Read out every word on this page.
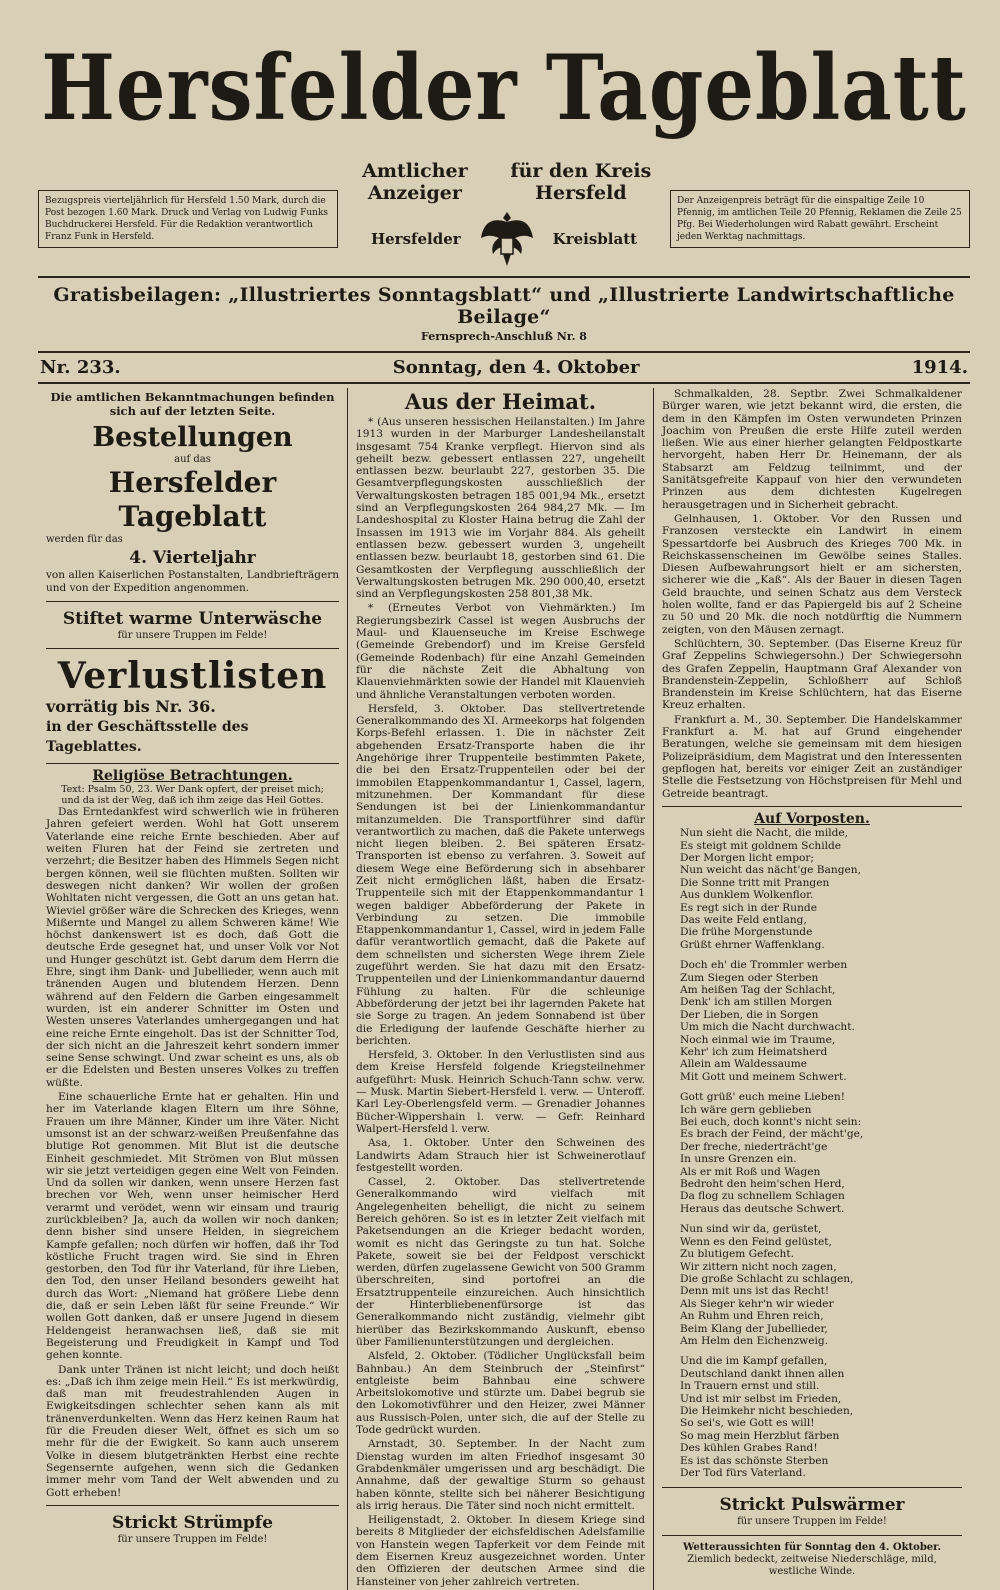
Hersfelder Tageblatt
Bezugspreis vierteljährlich für Hersfeld 1.50 Mark, durch die Post bezogen 1.60 Mark. Druck und Verlag von Ludwig Funks Buchdruckerei Hersfeld. Für die Redaktion verantwortlich Franz Funk in Hersfeld.
Amtlicher Anzeiger
für den Kreis Hersfeld
Hersfelder	Kreisblatt
Der Anzeigenpreis beträgt für die einspaltige Zeile 10 Pfennig, im amtlichen Teile 20 Pfennig, Reklamen die Zeile 25 Pfg. Bei Wiederholungen wird Rabatt gewährt. Erscheint jeden Werktag nachmittags.
Gratisbeilagen: „Illustriertes Sonntagsblatt“ und „Illustrierte Landwirtschaftliche Beilage“
Fernsprech-Anschluß Nr. 8
Nr. 233.	Sonntag, den 4. Oktober	1914.
Die amtlichen Bekanntmachungen befinden sich auf der letzten Seite.
Bestellungen
auf das
Hersfelder Tageblatt
werden für das
4. Vierteljahr
von allen Kaiserlichen Postanstalten, Landbriefträgern und von der Expedition angenommen.
Stiftet warme Unterwäsche
für unsere Truppen im Felde!
Verlustlisten
vorrätig bis Nr. 36.
in der Geschäftsstelle des Tageblattes.
Religiöse Betrachtungen.
Text: Psalm 50, 23. Wer Dank opfert, der preiset mich; und da ist der Weg, daß ich ihm zeige das Heil Gottes.

Das Erntedankfest wird schwerlich wie in früheren Jahren gefeiert werden. Wohl hat Gott unserem Vaterlande eine reiche Ernte beschieden. Aber auf weiten Fluren hat der Feind sie zertreten und verzehrt; die Besitzer haben des Himmels Segen nicht bergen können, weil sie flüchten mußten. Sollten wir deswegen nicht danken? Wir wollen der großen Wohltaten nicht vergessen, die Gott an uns getan hat. Wieviel größer wäre die Schrecken des Krieges, wenn Mißernte und Mangel zu allem Schweren käme! Wie höchst dankenswert ist es doch, daß Gott die deutsche Erde gesegnet hat, und unser Volk vor Not und Hunger geschützt ist. Gebt darum dem Herrn die Ehre, singt ihm Dank- und Jubellieder, wenn auch mit tränenden Augen und blutendem Herzen. Denn während auf den Feldern die Garben eingesammelt wurden, ist ein anderer Schnitter im Osten und Westen unseres Vaterlandes umhergegangen und hat eine reiche Ernte eingeholt. Das ist der Schnitter Tod, der sich nicht an die Jahreszeit kehrt sondern immer seine Sense schwingt. Und zwar scheint es uns, als ob er die Edelsten und Besten unseres Volkes zu treffen wüßte.

Eine schauerliche Ernte hat er gehalten. Hin und her im Vaterlande klagen Eltern um ihre Söhne, Frauen um ihre Männer, Kinder um ihre Väter. Nicht umsonst ist an der schwarz-weißen Preußenfahne das blutige Rot genommen. Mit Blut ist die deutsche Einheit geschmiedet. Mit Strömen von Blut müssen wir sie jetzt verteidigen gegen eine Welt von Feinden. Und da sollen wir danken, wenn unsere Herzen fast brechen vor Weh, wenn unser heimischer Herd verarmt und verödet, wenn wir einsam und traurig zurückbleiben? Ja, auch da wollen wir noch danken; denn bisher sind unsere Helden, in siegreichem Kampfe gefallen; noch dürfen wir hoffen, daß ihr Tod köstliche Frucht tragen wird. Sie sind in Ehren gestorben, den Tod für ihr Vaterland, für ihre Lieben, den Tod, den unser Heiland besonders geweiht hat durch das Wort: „Niemand hat größere Liebe denn die, daß er sein Leben läßt für seine Freunde.“ Wir wollen Gott danken, daß er unsere Jugend in diesem Heldengeist heranwachsen ließ, daß sie mit Begeisterung und Freudigkeit in Kampf und Tod gehen konnte.

Dank unter Tränen ist nicht leicht; und doch heißt es: „Daß ich ihm zeige mein Heil.“ Es ist merkwürdig, daß man mit freudestrahlenden Augen in Ewigkeitsdingen schlechter sehen kann als mit tränenverdunkelten. Wenn das Herz keinen Raum hat für die Freuden dieser Welt, öffnet es sich um so mehr für die der Ewigkeit. So kann auch unserem Volke in diesem blutgetränkten Herbst eine rechte Segensernte aufgehen, wenn sich die Gedanken immer mehr vom Tand der Welt abwenden und zu Gott erheben!

Strickt Strümpfe
für unsere Truppen im Felde!
Aus der Heimat.

* (Aus unseren hessischen Heilanstalten.) Im Jahre 1913 wurden in der Marburger Landesheilanstalt insgesamt 754 Kranke verpflegt. Hiervon sind als geheilt bezw. gebessert entlassen 227, ungeheilt entlassen bezw. beurlaubt 227, gestorben 35. Die Gesamtverpflegungskosten ausschließlich der Verwaltungskosten betragen 185 001,94 Mk., ersetzt sind an Verpflegungskosten 264 984,27 Mk. — Im Landeshospital zu Kloster Haina betrug die Zahl der Insassen im 1913 wie im Vorjahr 884. Als geheilt entlassen bezw. gebessert wurden 3, ungeheilt entlassen bezw. beurlaubt 18, gestorben sind 61. Die Gesamtkosten der Verpflegung ausschließlich der Verwaltungskosten betrugen Mk. 290 000,40, ersetzt sind an Verpflegungskosten 258 801,38 Mk.

* (Erneutes Verbot von Viehmärkten.) Im Regierungsbezirk Cassel ist wegen Ausbruchs der Maul- und Klauenseuche im Kreise Eschwege (Gemeinde Grebendorf) und im Kreise Gersfeld (Gemeinde Rodenbach) für eine Anzahl Gemeinden für die nächste Zeit die Abhaltung von Klauenviehmärkten sowie der Handel mit Klauenvieh und ähnliche Veranstaltungen verboten worden.

Hersfeld, 3. Oktober. Das stellvertretende Generalkommando des XI. Armeekorps hat folgenden Korps-Befehl erlassen. 1. Die in nächster Zeit abgehenden Ersatz-Transporte haben die ihr Angehörige ihrer Truppenteile bestimmten Pakete, die bei den Ersatz-Truppenteilen oder bei der immobilen Etappenkommandantur 1, Cassel, lagern, mitzunehmen. Der Kommandant für diese Sendungen ist bei der Linienkommandantur mitanzumelden. Die Transportführer sind dafür verantwortlich zu machen, daß die Pakete unterwegs nicht liegen bleiben. 2. Bei späteren Ersatz-Transporten ist ebenso zu verfahren. 3. Soweit auf diesem Wege eine Beförderung sich in absehbarer Zeit nicht ermöglichen läßt, haben die Ersatz-Truppenteile sich mit der Etappenkommandantur 1 wegen baldiger Abbeförderung der Pakete in Verbindung zu setzen. Die immobile Etappenkommandantur 1, Cassel, wird in jedem Falle dafür verantwortlich gemacht, daß die Pakete auf dem schnellsten und sichersten Wege ihrem Ziele zugeführt werden. Sie hat dazu mit den Ersatz-Truppenteilen und der Linienkommandantur dauernd Fühlung zu halten. Für die schleunige Abbeförderung der jetzt bei ihr lagernden Pakete hat sie Sorge zu tragen. An jedem Sonnabend ist über die Erledigung der laufende Geschäfte hierher zu berichten.

Hersfeld, 3. Oktober. In den Verlustlisten sind aus dem Kreise Hersfeld folgende Kriegsteilnehmer aufgeführt: Musk. Heinrich Schuch-Tann schw. verw. — Musk. Martin Siebert-Hersfeld l. verw. — Unteroff. Karl Ley-Oberlengsfeld verm. — Grenadier Johannes Bücher-Wippershain l. verw. — Gefr. Reinhard Walpert-Hersfeld l. verw.

Asa, 1. Oktober. Unter den Schweinen des Landwirts Adam Strauch hier ist Schweinerotlauf festgestellt worden.

Cassel, 2. Oktober. Das stellvertretende Generalkommando wird vielfach mit Angelegenheiten behelligt, die nicht zu seinem Bereich gehören. So ist es in letzter Zeit vielfach mit Paketsendungen an die Krieger bedacht worden, womit es nicht das Geringste zu tun hat. Solche Pakete, soweit sie bei der Feldpost verschickt werden, dürfen zugelassene Gewicht von 500 Gramm überschreiten, sind portofrei an die Ersatztruppenteile einzureichen. Auch hinsichtlich der Hinterbliebenenfürsorge ist das Generalkommando nicht zuständig, vielmehr gibt hierüber das Bezirkskommando Auskunft, ebenso über Familienunterstützungen und dergleichen.

Alsfeld, 2. Oktober. (Tödlicher Unglücksfall beim Bahnbau.) An dem Steinbruch der „Steinfirst“ entgleiste beim Bahnbau eine schwere Arbeitslokomotive und stürzte um. Dabei begrub sie den Lokomotivführer und den Heizer, zwei Männer aus Russisch-Polen, unter sich, die auf der Stelle zu Tode gedrückt wurden.

Arnstadt, 30. September. In der Nacht zum Dienstag wurden im alten Friedhof insgesamt 30 Grabdenkmäler umgerissen und arg beschädigt. Die Annahme, daß der gewaltige Sturm so gehaust haben könnte, stellte sich bei näherer Besichtigung als irrig heraus. Die Täter sind noch nicht ermittelt.

Heiligenstadt, 2. Oktober. In diesem Kriege sind bereits 8 Mitglieder der eichsfeldischen Adelsfamilie von Hanstein wegen Tapferkeit vor dem Feinde mit dem Eisernen Kreuz ausgezeichnet worden. Unter den Offizieren der deutschen Armee sind die Hansteiner von jeher zahlreich vertreten.

Schmalkalden, 28. Septbr. Zwei Schmalkaldener Bürger waren, wie jetzt bekannt wird, die ersten, die dem in den Kämpfen im Osten verwundeten Prinzen Joachim von Preußen die erste Hilfe zuteil werden ließen. Wie aus einer hierher gelangten Feldpostkarte hervorgeht, haben Herr Dr. Heinemann, der als Stabsarzt am Feldzug teilnimmt, und der Sanitätsgefreite Kappauf von hier den verwundeten Prinzen aus dem dichtesten Kugelregen herausgetragen und in Sicherheit gebracht.

Gelnhausen, 1. Oktober. Vor den Russen und Franzosen versteckte ein Landwirt in einem Spessartdorfe bei Ausbruch des Krieges 700 Mk. in Reichskassenscheinen im Gewölbe seines Stalles. Diesen Aufbewahrungsort hielt er am sichersten, sicherer wie die „Kaß“. Als der Bauer in diesen Tagen Geld brauchte, und seinen Schatz aus dem Versteck holen wollte, fand er das Papiergeld bis auf 2 Scheine zu 50 und 20 Mk. die noch notdürftig die Nummern zeigten, von den Mäusen zernagt.

Schlüchtern, 30. September. (Das Eiserne Kreuz für Graf Zeppelins Schwiegersohn.) Der Schwiegersohn des Grafen Zeppelin, Hauptmann Graf Alexander von Brandenstein-Zeppelin, Schloßherr auf Schloß Brandenstein im Kreise Schlüchtern, hat das Eiserne Kreuz erhalten.

Frankfurt a. M., 30. September. Die Handelskammer Frankfurt a. M. hat auf Grund eingehender Beratungen, welche sie gemeinsam mit dem hiesigen Polizeipräsidium, dem Magistrat und den Interessenten gepflogen hat, bereits vor einiger Zeit an zuständiger Stelle die Festsetzung von Höchstpreisen für Mehl und Getreide beantragt.

Auf Vorposten.

Nun sieht die Nacht, die milde,
Es steigt mit goldnem Schilde
Der Morgen licht empor;
Nun weicht das nächt'ge Bangen,
Die Sonne tritt mit Prangen
Aus dunklem Wolkenflor.
Es regt sich in der Runde
Das weite Feld entlang,
Die frühe Morgenstunde
Grüßt ehrner Waffenklang.

Doch eh' die Trommler werben
Zum Siegen oder Sterben
Am heißen Tag der Schlacht,
Denk' ich am stillen Morgen
Der Lieben, die in Sorgen
Um mich die Nacht durchwacht.
Noch einmal wie im Traume,
Kehr' ich zum Heimatsherd
Allein am Waldessaume
Mit Gott und meinem Schwert.

Gott grüß' euch meine Lieben!
Ich wäre gern geblieben
Bei euch, doch konnt's nicht sein:
Es brach der Feind, der mächt'ge,
Der freche, niederträcht'ge
In unsre Grenzen ein.
Als er mit Roß und Wagen
Bedroht den heim'schen Herd,
Da flog zu schnellem Schlagen
Heraus das deutsche Schwert.

Nun sind wir da, gerüstet,
Wenn es den Feind gelüstet,
Zu blutigem Gefecht.
Wir zittern nicht noch zagen,
Die große Schlacht zu schlagen,
Denn mit uns ist das Recht!
Als Sieger kehr'n wir wieder
An Ruhm und Ehren reich,
Beim Klang der Jubellieder,
Am Helm den Eichenzweig.

Und die im Kampf gefallen,
Deutschland dankt ihnen allen
In Trauern ernst und still.
Und ist mir selbst im Frieden,
Die Heimkehr nicht beschieden,
So sei's, wie Gott es will!
So mag mein Herzblut färben
Des kühlen Grabes Rand!
Es ist das schönste Sterben
Der Tod fürs Vaterland.

Strickt Pulswärmer
für unsere Truppen im Felde!
Wetteraussichten für Sonntag den 4. Oktober.
Ziemlich bedeckt, zeitweise Niederschläge, mild, westliche Winde.
